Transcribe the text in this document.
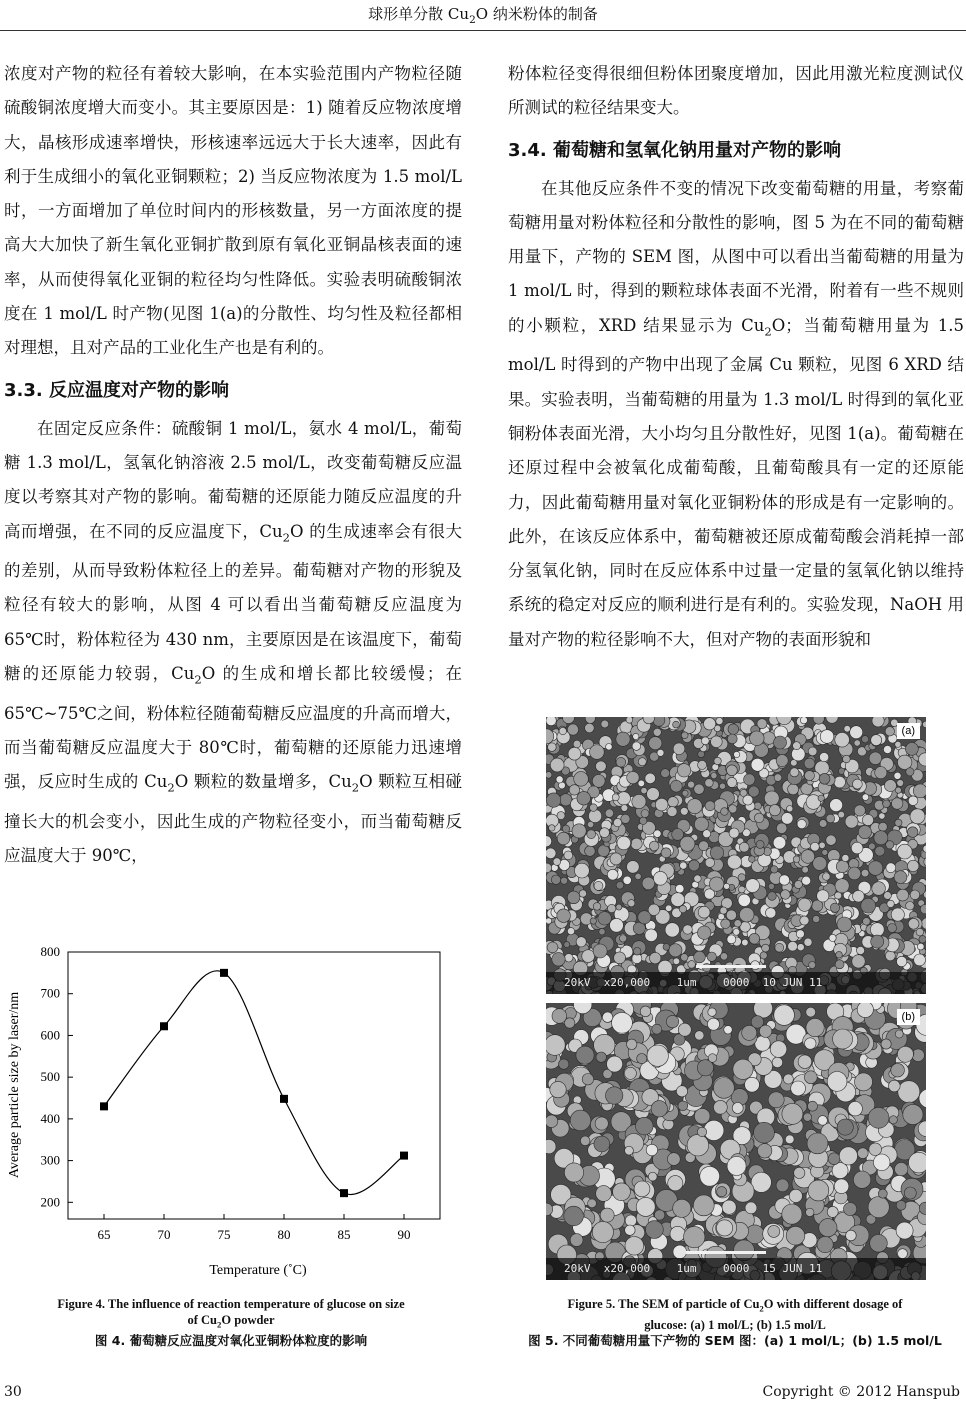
球形单分散 $Cu_2O$ 纳米粉体的制备

浓度对产物的粒径有着较大影响，在本实验范围内产物粒径随硫酸铜浓度增大而变小。其主要原因是：1) 随着反应物浓度增大，晶核形成速率增快，形核速率远远大于长大速率，因此有利于生成细小的氧化亚铜颗粒；2) 当反应物浓度为 1.5 mol/L 时，一方面增加了单位时间内的形核数量，另一方面浓度的提高大大加快了新生氧化亚铜扩散到原有氧化亚铜晶核表面的速率，从而使得氧化亚铜的粒径均匀性降低。实验表明硫酸铜浓度在 1 mol/L 时产物(见图 1(a)的分散性、均匀性及粒径都相对理想，且对产品的工业化生产也是有利的。

3.3. 反应温度对产物的影响

在固定反应条件：硫酸铜 1 mol/L，氨水 4 mol/L，葡萄糖 1.3 mol/L，氢氧化钠溶液 2.5 mol/L，改变葡萄糖反应温度以考察其对产物的影响。葡萄糖的还原能力随反应温度的升高而增强，在不同的反应温度下，$Cu_2O$ 的生成速率会有很大的差别，从而导致粉体粒径上的差异。葡萄糖对产物的形貌及粒径有较大的影响，从图 4 可以看出当葡萄糖反应温度为 65℃时，粉体粒径为 430 nm，主要原因是在该温度下，葡萄糖的还原能力较弱，$Cu_2O$ 的生成和增长都比较缓慢；在 65℃~75℃之间，粉体粒径随葡萄糖反应温度的升高而增大，而当葡萄糖反应温度大于 80℃时，葡萄糖的还原能力迅速增强，反应时生成的 $Cu_2O$ 颗粒的数量增多，$Cu_2O$ 颗粒互相碰撞长大的机会变小，因此生成的产物粒径变小，而当葡萄糖反应温度大于 90℃，

粉体粒径变得很细但粉体团聚度增加，因此用激光粒度测试仪所测试的粒径结果变大。

3.4. 葡萄糖和氢氧化钠用量对产物的影响

在其他反应条件不变的情况下改变葡萄糖的用量，考察葡萄糖用量对粉体粒径和分散性的影响，图 5 为在不同的葡萄糖用量下，产物的 SEM 图，从图中可以看出当葡萄糖的用量为 1 mol/L 时，得到的颗粒球体表面不光滑，附着有一些不规则的小颗粒，XRD 结果显示为 $Cu_2O$；当葡萄糖用量为 1.5 mol/L 时得到的产物中出现了金属 Cu 颗粒，见图 6 XRD 结果。实验表明，当葡萄糖的用量为 1.3 mol/L 时得到的氧化亚铜粉体表面光滑，大小均匀且分散性好，见图 1(a)。葡萄糖在还原过程中会被氧化成葡萄酸，且葡萄酸具有一定的还原能力，因此葡萄糖用量对氧化亚铜粉体的形成是有一定影响的。此外，在该反应体系中，葡萄糖被还原成葡萄酸会消耗掉一部分氢氧化钠，同时在反应体系中过量一定量的氢氧化钠以维持系统的稳定对反应的顺利进行是有利的。实验发现，NaOH 用量对产物的粒径影响不大，但对产物的表面形貌和

65	70	75	80	85	90
200
300
400
500
600
700
800
Temperature (˚C)
Average particle size by laser/nm
Figure 4. The influence of reaction temperature of glucose on size
of $Cu_2O$ powder
图 4. 葡萄糖反应温度对氧化亚铜粉体粒度的影响
(a)
20kV  x20,000    1um    0000  10 JUN 11
(b)
20kV  x20,000    1um    0000  15 JUN 11
Figure 5. The SEM of particle of $Cu_2O$ with different dosage of
glucose: (a) 1 mol/L; (b) 1.5 mol/L
图 5. 不同葡萄糖用量下产物的 SEM 图：(a) 1 mol/L；(b) 1.5 mol/L
30	Copyright © 2012 Hanspub
